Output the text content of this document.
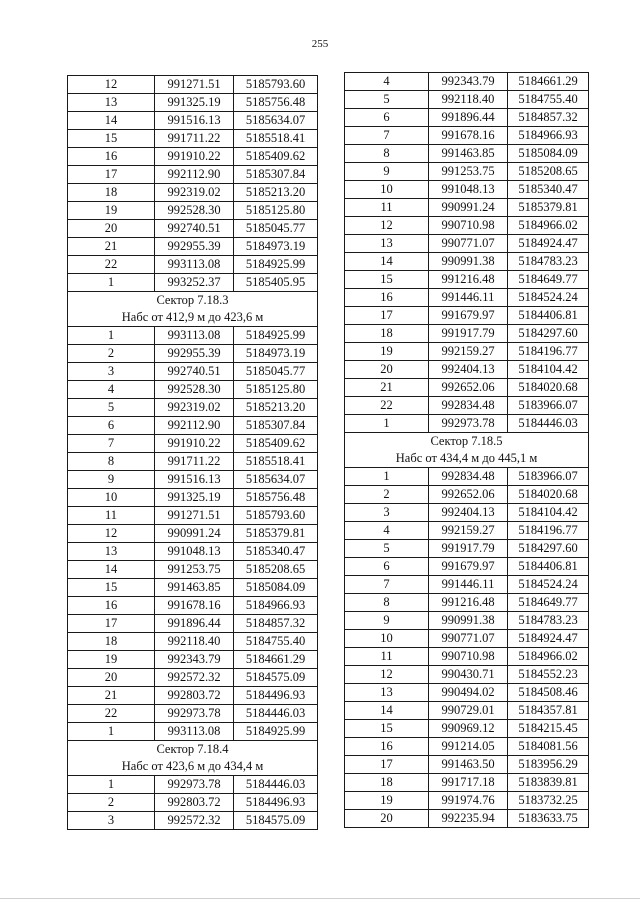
255
12	991271.51	5185793.60
13	991325.19	5185756.48
14	991516.13	5185634.07
15	991711.22	5185518.41
16	991910.22	5185409.62
17	992112.90	5185307.84
18	992319.02	5185213.20
19	992528.30	5185125.80
20	992740.51	5185045.77
21	992955.39	5184973.19
22	993113.08	5184925.99
1	993252.37	5185405.95
Сектор 7.18.3		
Набс от 412,9 м до 423,6 м		
1	993113.08	5184925.99
2	992955.39	5184973.19
3	992740.51	5185045.77
4	992528.30	5185125.80
5	992319.02	5185213.20
6	992112.90	5185307.84
7	991910.22	5185409.62
8	991711.22	5185518.41
9	991516.13	5185634.07
10	991325.19	5185756.48
11	991271.51	5185793.60
12	990991.24	5185379.81
13	991048.13	5185340.47
14	991253.75	5185208.65
15	991463.85	5185084.09
16	991678.16	5184966.93
17	991896.44	5184857.32
18	992118.40	5184755.40
19	992343.79	5184661.29
20	992572.32	5184575.09
21	992803.72	5184496.93
22	992973.78	5184446.03
1	993113.08	5184925.99
Сектор 7.18.4		
Набс от 423,6 м до 434,4 м		
1	992973.78	5184446.03
2	992803.72	5184496.93
3	992572.32	5184575.09
4	992343.79	5184661.29
5	992118.40	5184755.40
6	991896.44	5184857.32
7	991678.16	5184966.93
8	991463.85	5185084.09
9	991253.75	5185208.65
10	991048.13	5185340.47
11	990991.24	5185379.81
12	990710.98	5184966.02
13	990771.07	5184924.47
14	990991.38	5184783.23
15	991216.48	5184649.77
16	991446.11	5184524.24
17	991679.97	5184406.81
18	991917.79	5184297.60
19	992159.27	5184196.77
20	992404.13	5184104.42
21	992652.06	5184020.68
22	992834.48	5183966.07
1	992973.78	5184446.03
Сектор 7.18.5		
Набс от 434,4 м до 445,1 м		
1	992834.48	5183966.07
2	992652.06	5184020.68
3	992404.13	5184104.42
4	992159.27	5184196.77
5	991917.79	5184297.60
6	991679.97	5184406.81
7	991446.11	5184524.24
8	991216.48	5184649.77
9	990991.38	5184783.23
10	990771.07	5184924.47
11	990710.98	5184966.02
12	990430.71	5184552.23
13	990494.02	5184508.46
14	990729.01	5184357.81
15	990969.12	5184215.45
16	991214.05	5184081.56
17	991463.50	5183956.29
18	991717.18	5183839.81
19	991974.76	5183732.25
20	992235.94	5183633.75
